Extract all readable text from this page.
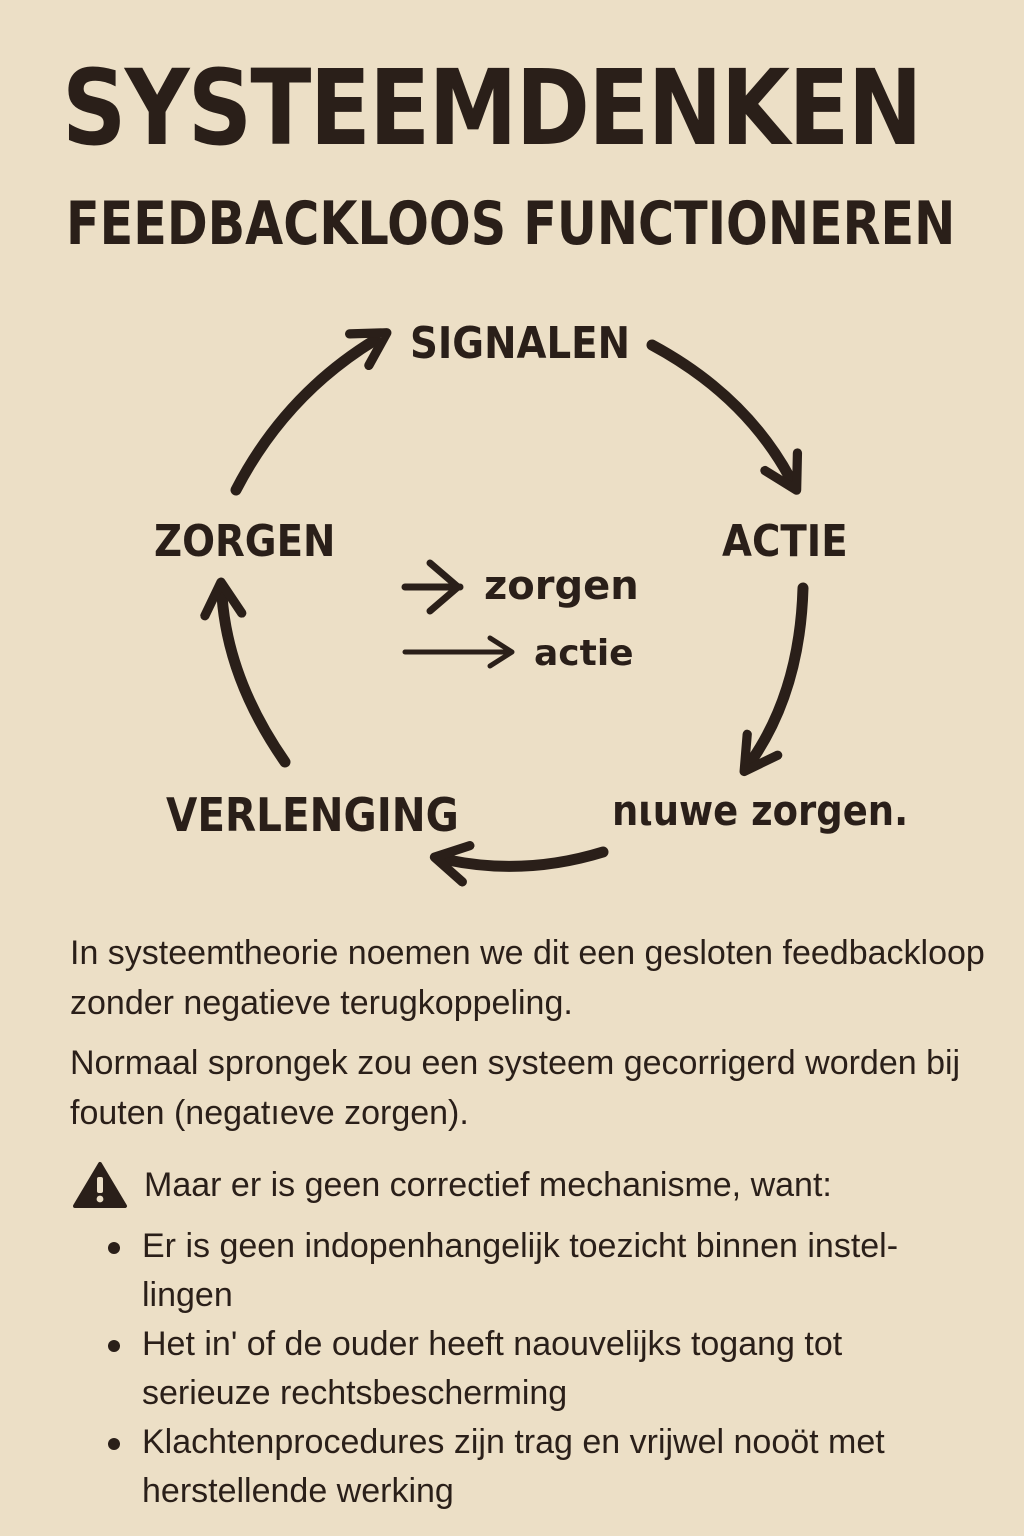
SYSTEEMDENKEN
FEEDBACKLOOS FUNCTIONEREN
SIGNALEN
ACTIE
nιuwe zorgen.
VERLENGING
ZORGEN
zorgen
actie
In systeemtheorie noemen we dit een gesloten feedbackloop zonder negatieve terugkoppeling.
Normaal sprongek zou een systeem gecorrigerd worden bij fouten (negatıeve zorgen).
Maar er is geen correctief mechanisme, want:
Er is geen indopenhangelijk toezicht binnen instel-lingen
Het in' of de ouder heeft naouvelijks togang tot serieuze rechtsbescherming
Klachtenprocedures zijn trag en vrijwel nooöt met herstellende werking
